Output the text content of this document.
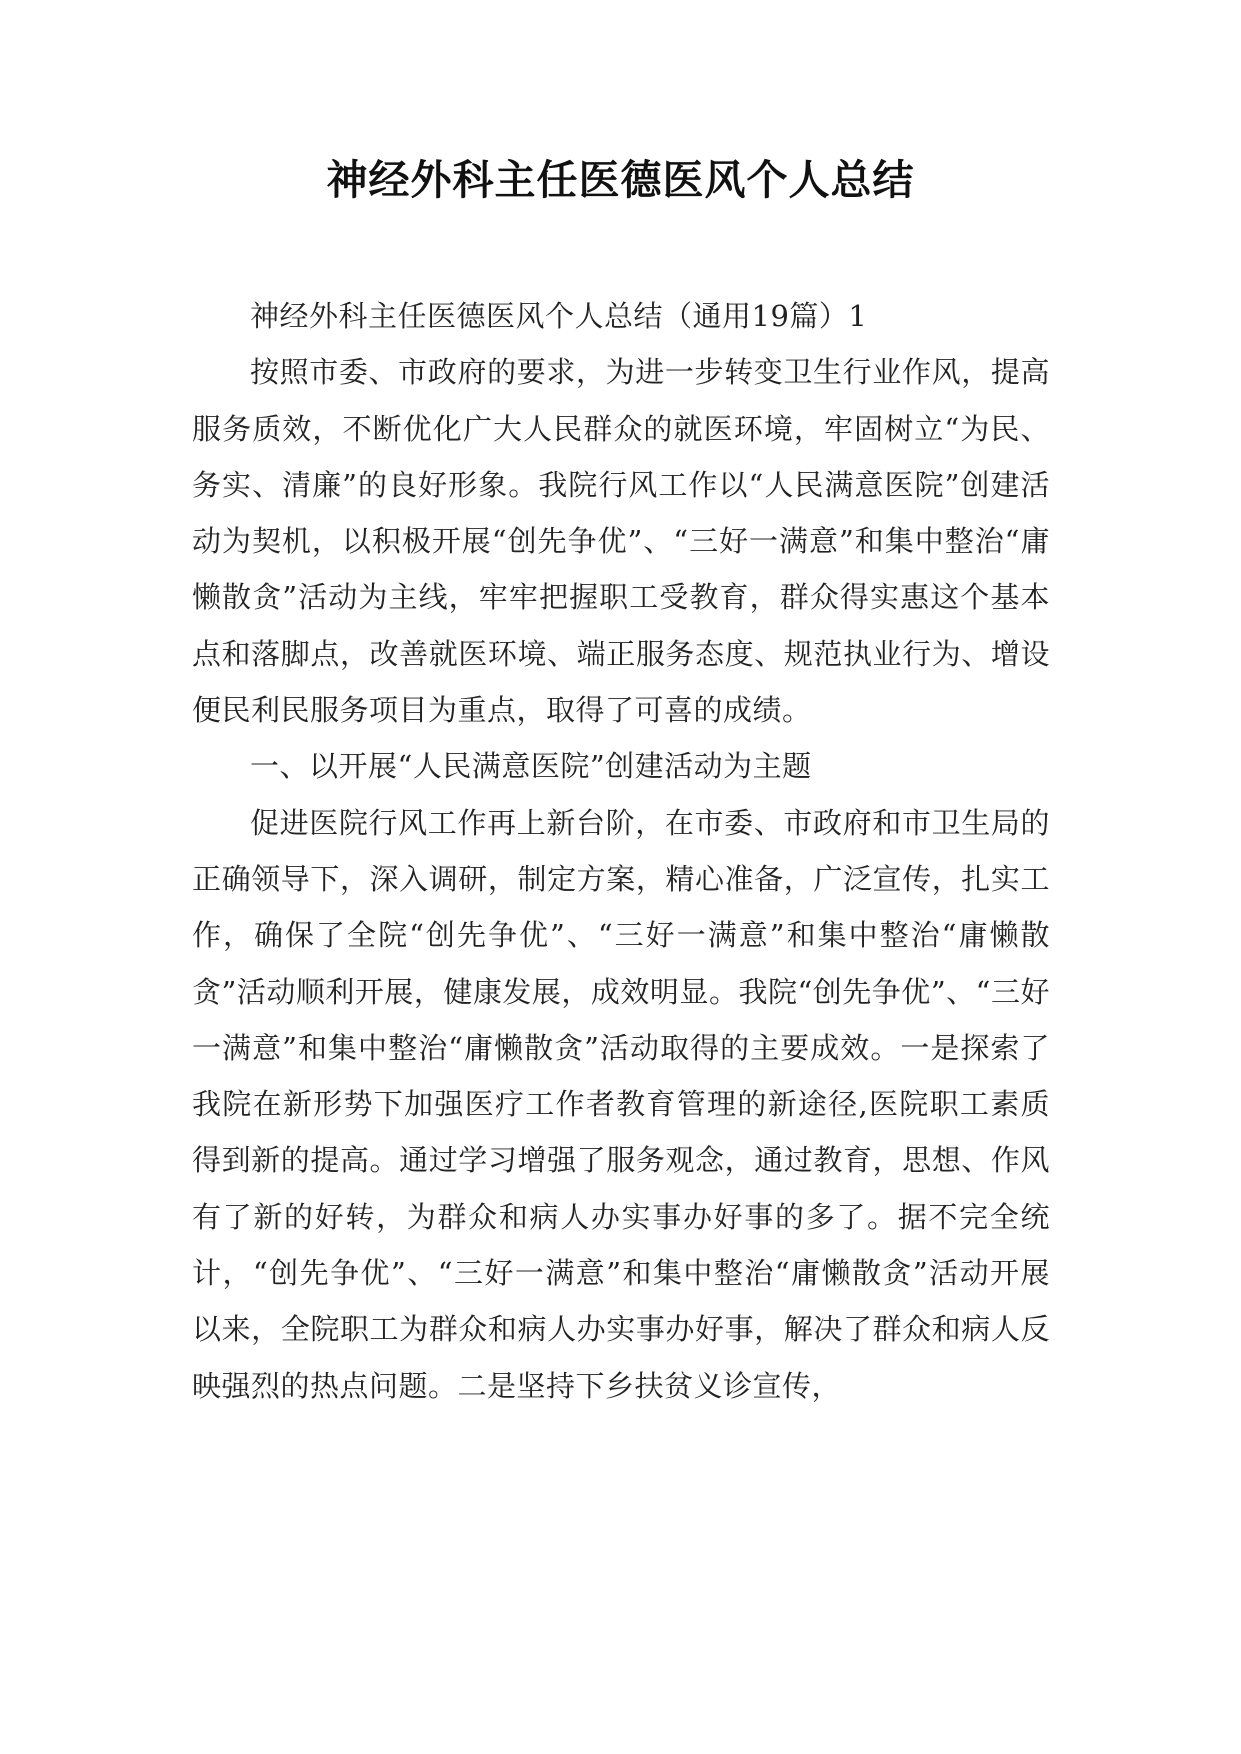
神经外科主任医德医风个人总结

神经外科主任医德医风个人总结（通用19篇）1

按照市委、市政府的要求，为进一步转变卫生行业作风，提高服务质效，不断优化广大人民群众的就医环境，牢固树立“为民、务实、清廉”的良好形象。我院行风工作以“人民满意医院”创建活动为契机，以积极开展“创先争优”、“三好一满意”和集中整治“庸懒散贪”活动为主线，牢牢把握职工受教育，群众得实惠这个基本点和落脚点，改善就医环境、端正服务态度、规范执业行为、增设便民利民服务项目为重点，取得了可喜的成绩。

一、以开展“人民满意医院”创建活动为主题

促进医院行风工作再上新台阶，在市委、市政府和市卫生局的正确领导下，深入调研，制定方案，精心准备，广泛宣传，扎实工作，确保了全院“创先争优”、“三好一满意”和集中整治“庸懒散贪”活动顺利开展，健康发展，成效明显。我院“创先争优”、“三好一满意”和集中整治“庸懒散贪”活动取得的主要成效。一是探索了我院在新形势下加强医疗工作者教育管理的新途径,医院职工素质得到新的提高。通过学习增强了服务观念，通过教育，思想、作风有了新的好转，为群众和病人办实事办好事的多了。据不完全统计，“创先争优”、“三好一满意”和集中整治“庸懒散贪”活动开展以来，全院职工为群众和病人办实事办好事，解决了群众和病人反映强烈的热点问题。二是坚持下乡扶贫义诊宣传，
